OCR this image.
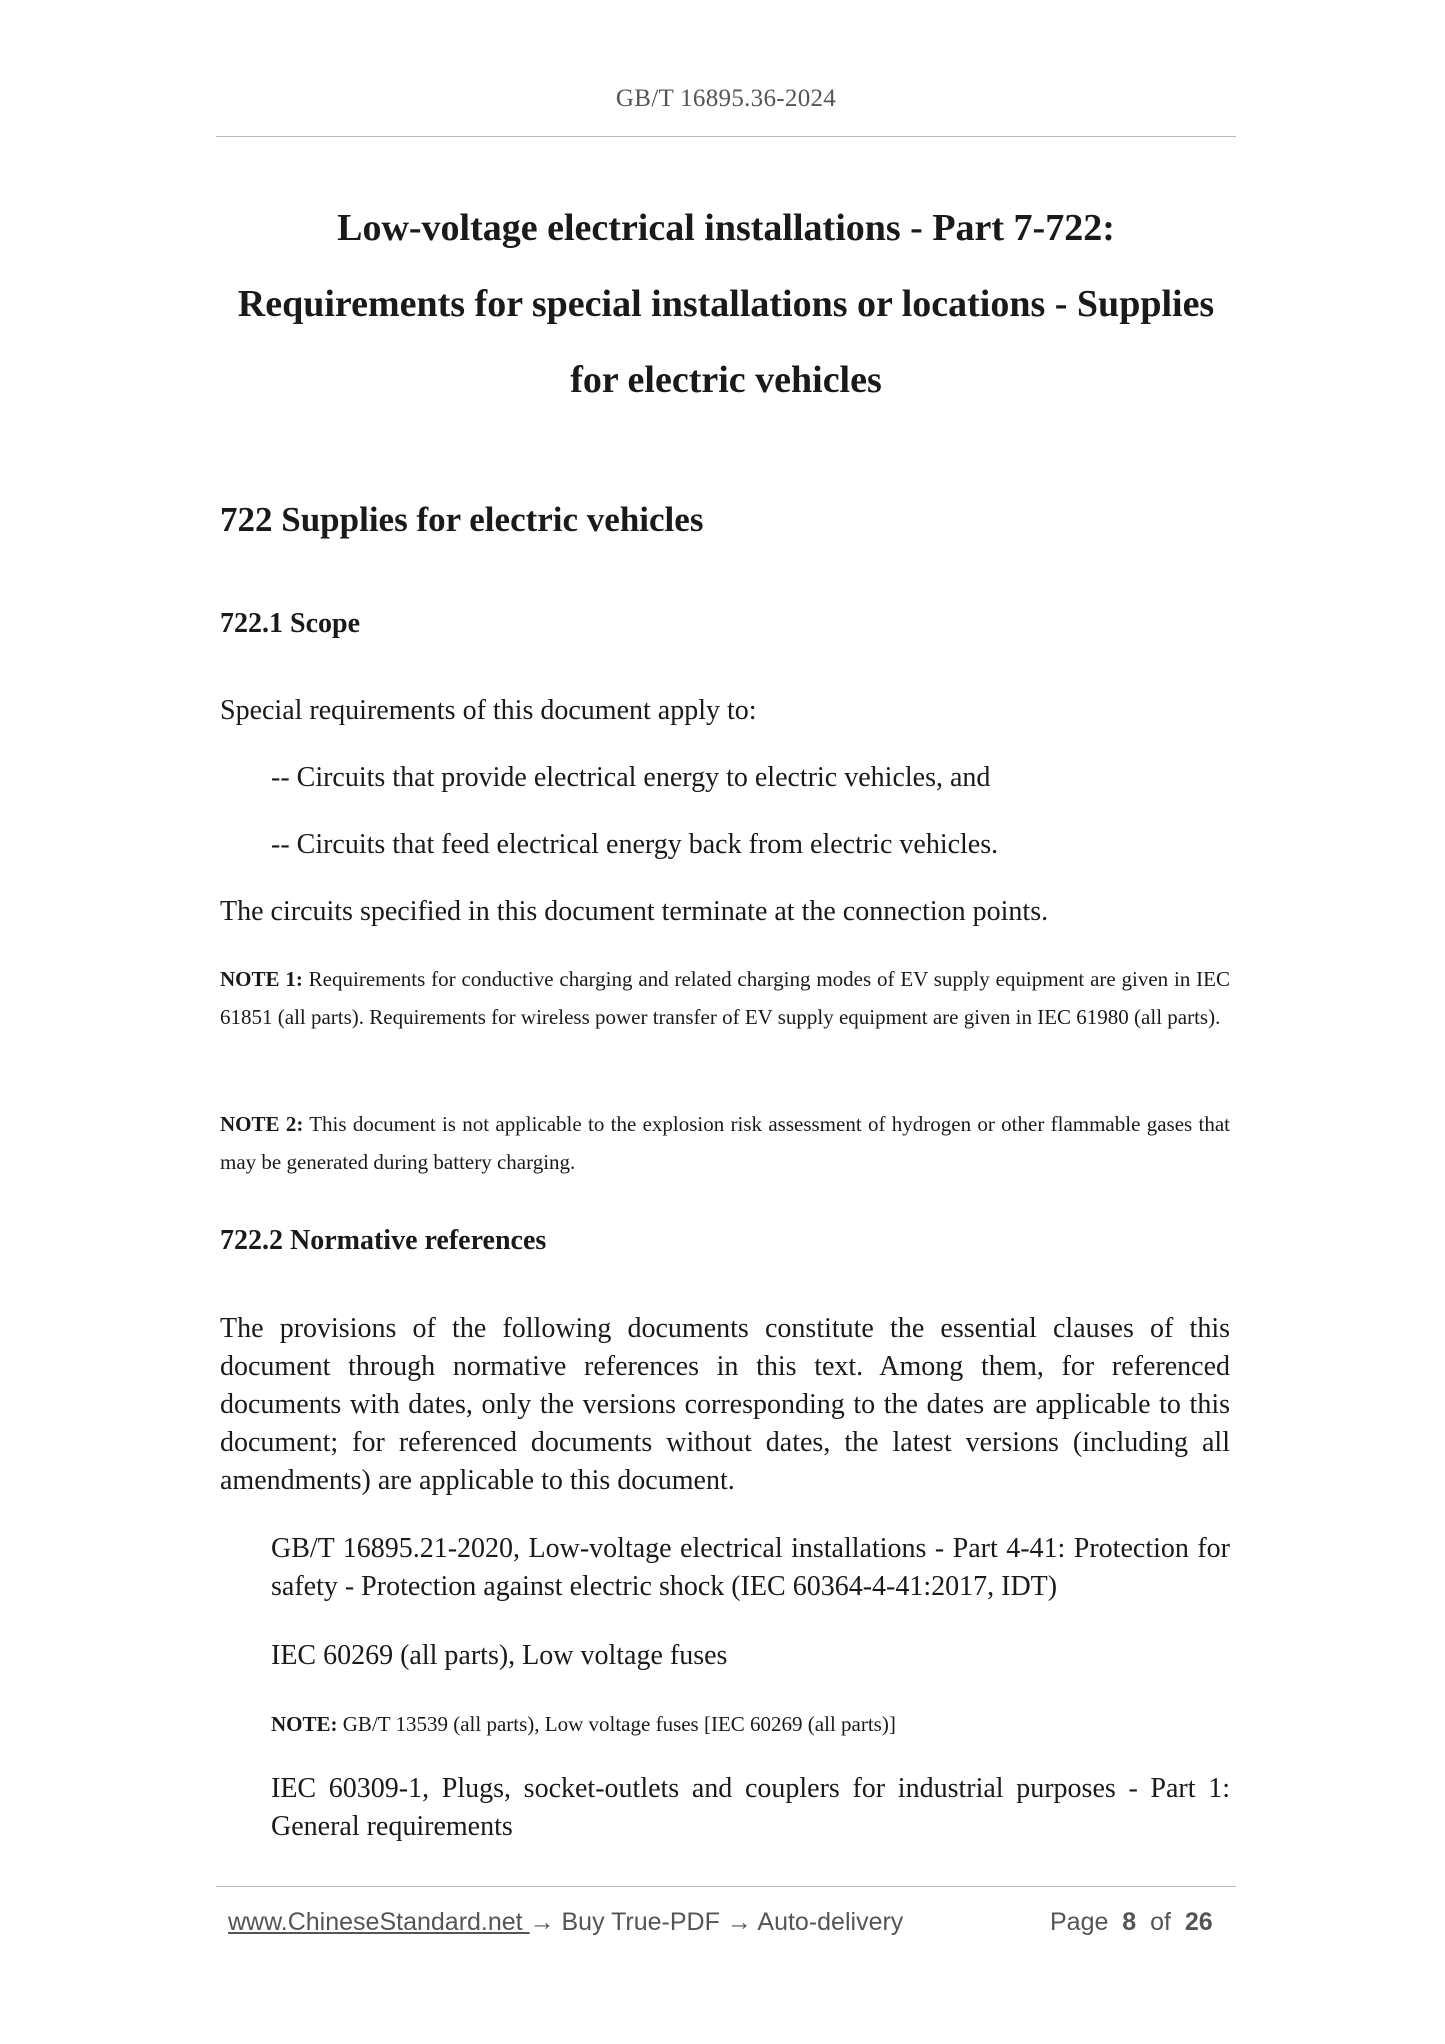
GB/T 16895.36-2024
Low-voltage electrical installations - Part 7-722:
Requirements for special installations or locations - Supplies
for electric vehicles
722 Supplies for electric vehicles
722.1 Scope
Special requirements of this document apply to:
-- Circuits that provide electrical energy to electric vehicles, and
-- Circuits that feed electrical energy back from electric vehicles.
The circuits specified in this document terminate at the connection points.
NOTE 1: Requirements for conductive charging and related charging modes of EV supply equipment are given in IEC 61851 (all parts). Requirements for wireless power transfer of EV supply equipment are given in IEC 61980 (all parts).
NOTE 2: This document is not applicable to the explosion risk assessment of hydrogen or other flammable gases that may be generated during battery charging.
722.2 Normative references
The provisions of the following documents constitute the essential clauses of this document through normative references in this text. Among them, for referenced documents with dates, only the versions corresponding to the dates are applicable to this document; for referenced documents without dates, the latest versions (including all amendments) are applicable to this document.
GB/T 16895.21-2020, Low-voltage electrical installations - Part 4-41: Protection for safety - Protection against electric shock (IEC 60364-4-41:2017, IDT)
IEC 60269 (all parts), Low voltage fuses
NOTE: GB/T 13539 (all parts), Low voltage fuses [IEC 60269 (all parts)]
IEC 60309-1, Plugs, socket-outlets and couplers for industrial purposes - Part 1: General requirements
www.ChineseStandard.net → Buy True-PDF → Auto-delivery	Page 8 of 26
